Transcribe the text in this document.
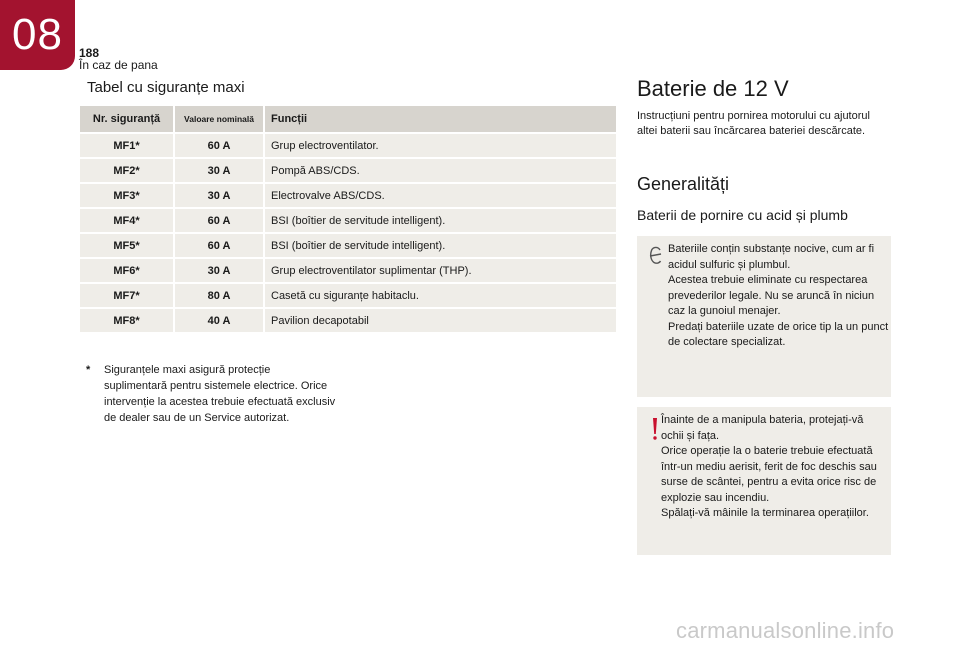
08	188
În caz de pana
Tabel cu siguranțe maxi
Nr. siguranță	Valoare nominală	Funcții
MF1*	60 A	Grup electroventilator.
MF2*	30 A	Pompă ABS/CDS.
MF3*	30 A	Electrovalve ABS/CDS.
MF4*	60 A	BSI (boîtier de servitude intelligent).
MF5*	60 A	BSI (boîtier de servitude intelligent).
MF6*	30 A	Grup electroventilator suplimentar (THP).
MF7*	80 A	Casetă cu siguranțe habitaclu.
MF8*	40 A	Pavilion decapotabil
* Siguranțele maxi asigură protecție suplimentară pentru sistemele electrice. Orice intervenție la acestea trebuie efectuată exclusiv de dealer sau de un Service autorizat.
Baterie de 12 V
Instrucțiuni pentru pornirea motorului cu ajutorul altei baterii sau încărcarea bateriei descărcate.
Generalități
Baterii de pornire cu acid și plumb
Bateriile conțin substanțe nocive, cum ar fi acidul sulfuric și plumbul.
Acestea trebuie eliminate cu respectarea prevederilor legale. Nu se aruncă în niciun caz la gunoiul menajer.
Predați bateriile uzate de orice tip la un punct de colectare specializat.
Înainte de a manipula bateria, protejați-vă ochii și fața.
Orice operație la o baterie trebuie efectuată într-un mediu aerisit, ferit de foc deschis sau surse de scântei, pentru a evita orice risc de explozie sau incendiu.
Spălați-vă mâinile la terminarea operațiilor.
carmanualsonline.info
